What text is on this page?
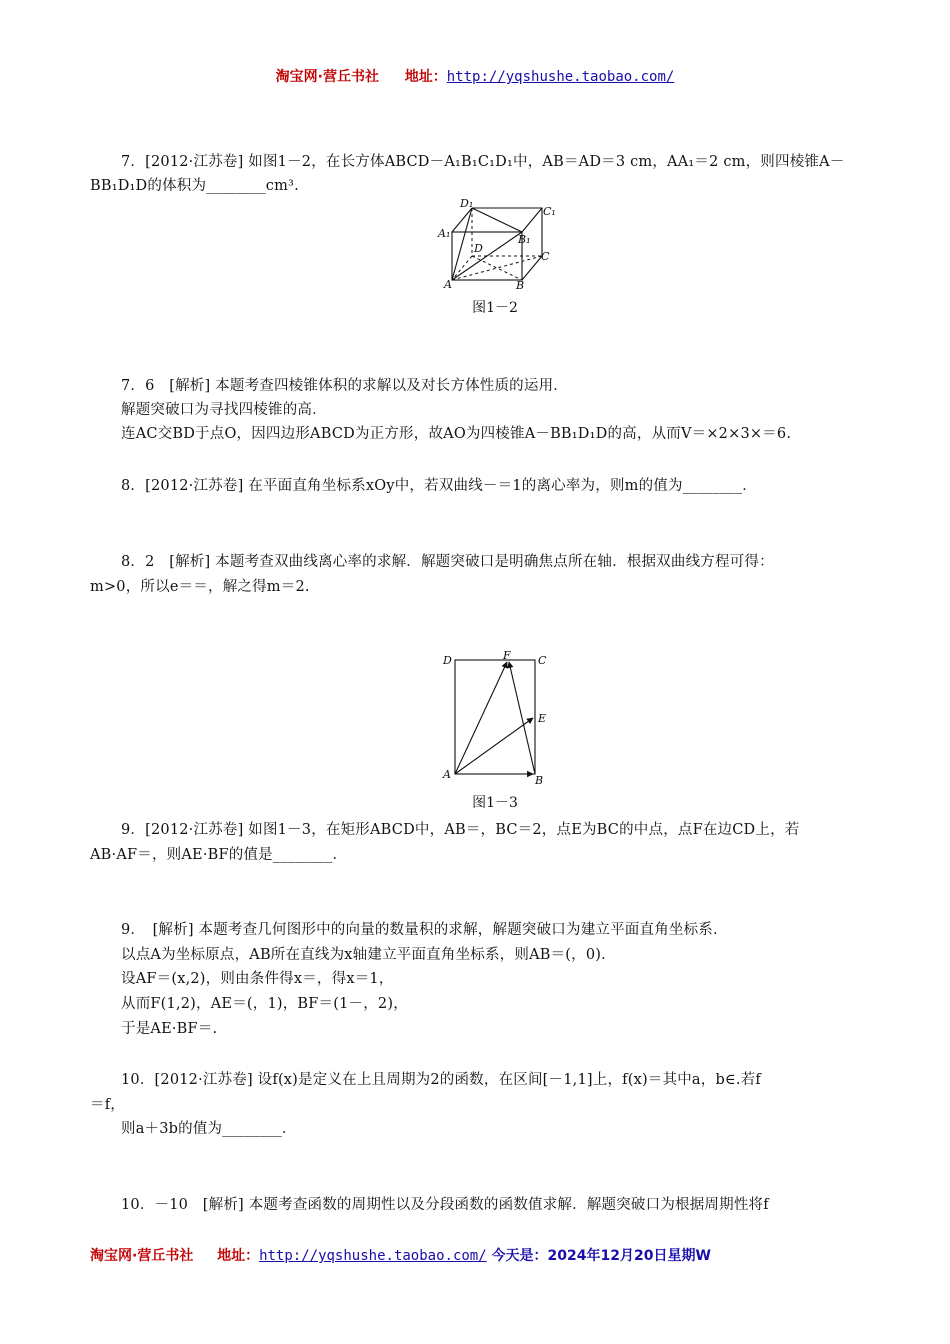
淘宝网·营丘书社 地址：http://yqshushe.taobao.com/
7．[2012·江苏卷] 如图1－2，在长方体ABCD－A₁B₁C₁D₁中，AB＝AD＝3 cm，AA₁＝2 cm，则四棱锥A－
BB₁D₁D的体积为________cm³.
D₁
C₁
A₁	B₁
D
C
A	B
图1－2
7．6　[解析] 本题考查四棱锥体积的求解以及对长方体性质的运用．
解题突破口为寻找四棱锥的高．
连AC交BD于点O，因四边形ABCD为正方形，故AO为四棱锥A－BB₁D₁D的高，从而V＝×2×3×＝6.
8．[2012·江苏卷] 在平面直角坐标系xOy中，若双曲线－＝1的离心率为，则m的值为________．
8．2　[解析] 本题考查双曲线离心率的求解．解题突破口是明确焦点所在轴．根据双曲线方程可得：
m>0，所以e＝＝，解之得m＝2.
D	F C
E
A	B
图1－3
9．[2012·江苏卷] 如图1－3，在矩形ABCD中，AB＝，BC＝2，点E为BC的中点，点F在边CD上，若
AB·AF＝，则AE·BF的值是________．
9．　[解析] 本题考查几何图形中的向量的数量积的求解，解题突破口为建立平面直角坐标系．
以点A为坐标原点，AB所在直线为x轴建立平面直角坐标系，则AB＝(，0)．
设AF＝(x,2)，则由条件得x＝，得x＝1，
从而F(1,2)，AE＝(，1)，BF＝(1－，2)，
于是AE·BF＝.
10．[2012·江苏卷] 设f(x)是定义在上且周期为2的函数，在区间[－1,1]上，f(x)＝其中a，b∈.若f
＝f，
则a＋3b的值为________．
10．－10　[解析] 本题考查函数的周期性以及分段函数的函数值求解．解题突破口为根据周期性将f
淘宝网·营丘书社 地址：http://yqshushe.taobao.com/ 今天是：2024年12月20日星期W
